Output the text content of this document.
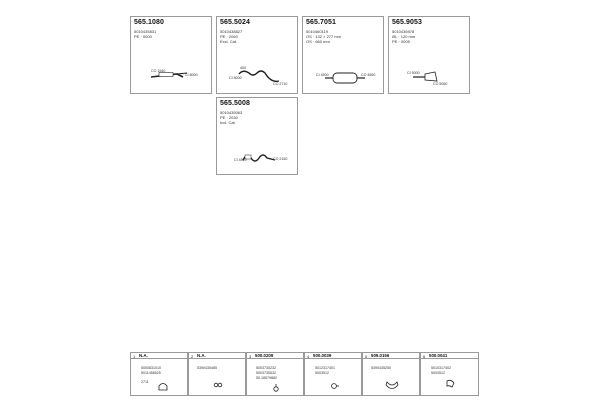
565.1080
5010435831
PE · 0000
CO 1540
CI 8000
565.5024
5010438827
PE · 2060
Excl. Cat.
400
CI 8000
CO 2710
565.7051
5010460119
OS · 132 × 277 mm
OS · 660 mm
CI 4500	CO 4550
565.9053
5010436978
ØL · 120 mm
PE · 0005
CI 5000
CO 5050
565.5008
5010435063
PE · 2030
Incl. Cat.
CI 4520	CO 2150
1 N.A.
5000831010
5011456525
2711
2 N.A.
5390435485
3 500.0209
5003730232
5003730532
50.18579882
4 500.0039
5012317401
5003512
5 509.0156
5390435250
6 500.0041
5010317402
5003512
